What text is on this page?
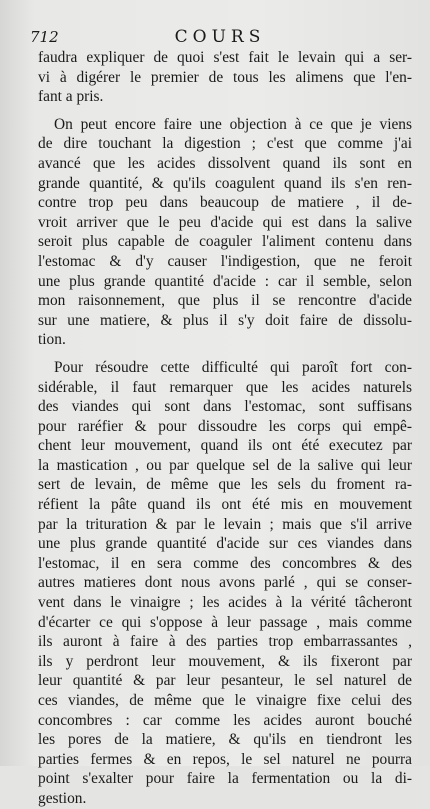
712	COURS
faudra expliquer de quoi s'est fait le levain qui a ser-
vi à digérer le premier de tous les alimens que l'en-
fant a pris.
On peut encore faire une objection à ce que je viens
de dire touchant la digestion ; c'est que comme j'ai
avancé que les acides dissolvent quand ils sont en
grande quantité, & qu'ils coagulent quand ils s'en ren-
contre trop peu dans beaucoup de matiere , il de-
vroit arriver que le peu d'acide qui est dans la salive
seroit plus capable de coaguler l'aliment contenu dans
l'estomac & d'y causer l'indigestion, que ne feroit
une plus grande quantité d'acide : car il semble, selon
mon raisonnement, que plus il se rencontre d'acide
sur une matiere, & plus il s'y doit faire de dissolu-
tion.
Pour résoudre cette difficulté qui paroît fort con-
sidérable, il faut remarquer que les acides naturels
des viandes qui sont dans l'estomac, sont suffisans
pour raréfier & pour dissoudre les corps qui empê-
chent leur mouvement, quand ils ont été executez par
la mastication , ou par quelque sel de la salive qui leur
sert de levain, de même que les sels du froment ra-
réfient la pâte quand ils ont été mis en mouvement
par la trituration & par le levain ; mais que s'il arrive
une plus grande quantité d'acide sur ces viandes dans
l'estomac, il en sera comme des concombres & des
autres matieres dont nous avons parlé , qui se conser-
vent dans le vinaigre ; les acides à la vérité tâcheront
d'écarter ce qui s'oppose à leur passage , mais comme
ils auront à faire à des parties trop embarrassantes ,
ils y perdront leur mouvement, & ils fixeront par
leur quantité & par leur pesanteur, le sel naturel de
ces viandes, de même que le vinaigre fixe celui des
concombres : car comme les acides auront bouché
les pores de la matiere, & qu'ils en tiendront les
parties fermes & en repos, le sel naturel ne pourra
point s'exalter pour faire la fermentation ou la di-
gestion.
